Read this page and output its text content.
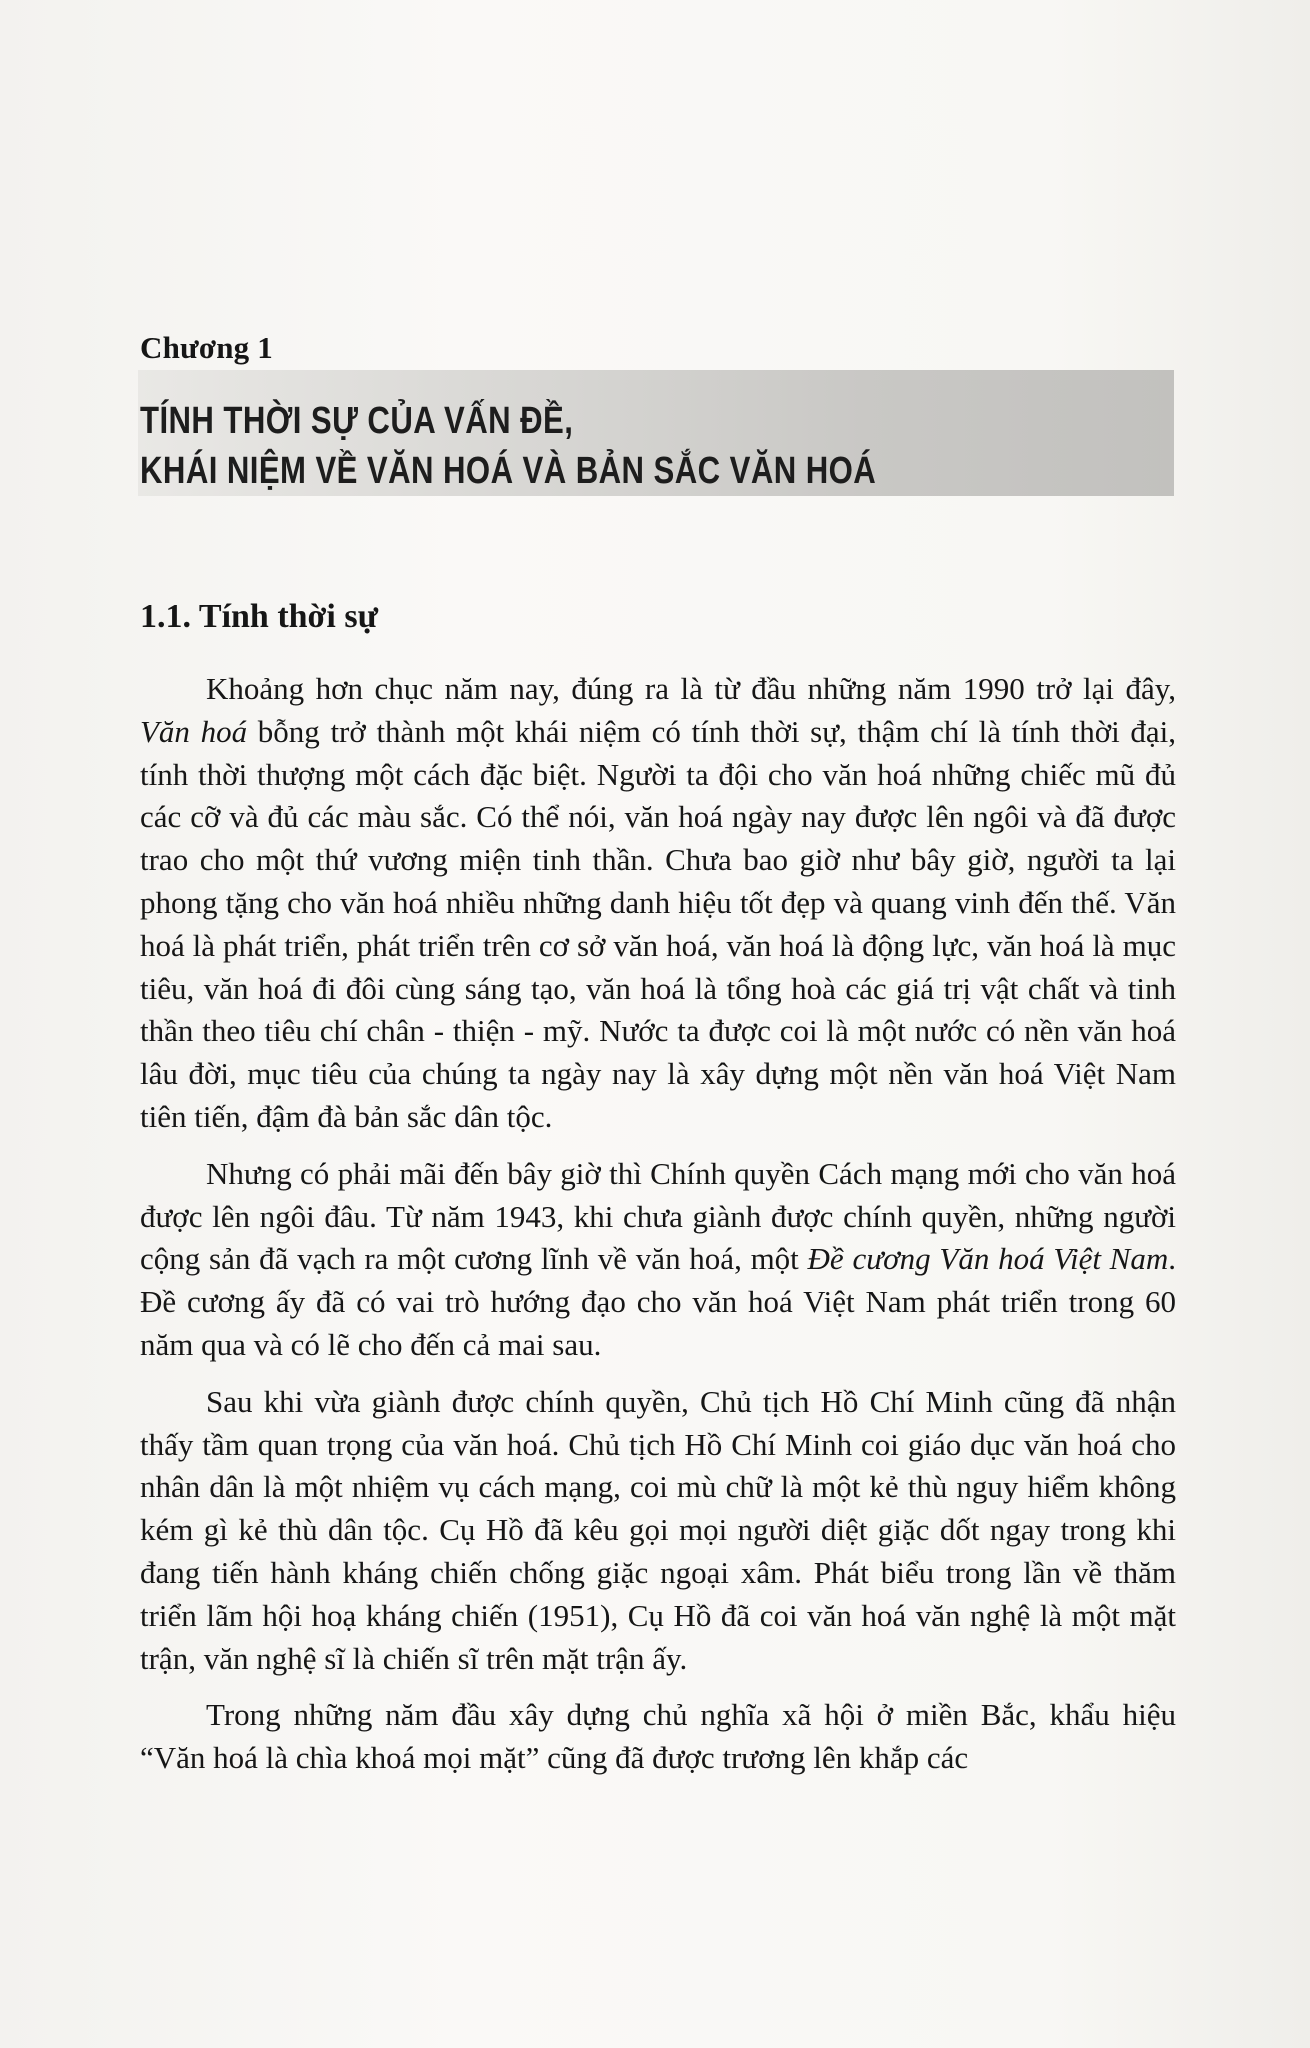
Chương 1
TÍNH THỜI SỰ CỦA VẤN ĐỀ,
KHÁI NIỆM VỀ VĂN HOÁ VÀ BẢN SẮC VĂN HOÁ
1.1. Tính thời sự

Khoảng hơn chục năm nay, đúng ra là từ đầu những năm 1990 trở lại đây, Văn hoá bỗng trở thành một khái niệm có tính thời sự, thậm chí là tính thời đại, tính thời thượng một cách đặc biệt. Người ta đội cho văn hoá những chiếc mũ đủ các cỡ và đủ các màu sắc. Có thể nói, văn hoá ngày nay được lên ngôi và đã được trao cho một thứ vương miện tinh thần. Chưa bao giờ như bây giờ, người ta lại phong tặng cho văn hoá nhiều những danh hiệu tốt đẹp và quang vinh đến thế. Văn hoá là phát triển, phát triển trên cơ sở văn hoá, văn hoá là động lực, văn hoá là mục tiêu, văn hoá đi đôi cùng sáng tạo, văn hoá là tổng hoà các giá trị vật chất và tinh thần theo tiêu chí chân - thiện - mỹ. Nước ta được coi là một nước có nền văn hoá lâu đời, mục tiêu của chúng ta ngày nay là xây dựng một nền văn hoá Việt Nam tiên tiến, đậm đà bản sắc dân tộc.

Nhưng có phải mãi đến bây giờ thì Chính quyền Cách mạng mới cho văn hoá được lên ngôi đâu. Từ năm 1943, khi chưa giành được chính quyền, những người cộng sản đã vạch ra một cương lĩnh về văn hoá, một Đề cương Văn hoá Việt Nam. Đề cương ấy đã có vai trò hướng đạo cho văn hoá Việt Nam phát triển trong 60 năm qua và có lẽ cho đến cả mai sau.

Sau khi vừa giành được chính quyền, Chủ tịch Hồ Chí Minh cũng đã nhận thấy tầm quan trọng của văn hoá. Chủ tịch Hồ Chí Minh coi giáo dục văn hoá cho nhân dân là một nhiệm vụ cách mạng, coi mù chữ là một kẻ thù nguy hiểm không kém gì kẻ thù dân tộc. Cụ Hồ đã kêu gọi mọi người diệt giặc dốt ngay trong khi đang tiến hành kháng chiến chống giặc ngoại xâm. Phát biểu trong lần về thăm triển lãm hội hoạ kháng chiến (1951), Cụ Hồ đã coi văn hoá văn nghệ là một mặt trận, văn nghệ sĩ là chiến sĩ trên mặt trận ấy.

Trong những năm đầu xây dựng chủ nghĩa xã hội ở miền Bắc, khẩu hiệu “Văn hoá là chìa khoá mọi mặt” cũng đã được trương lên khắp các
